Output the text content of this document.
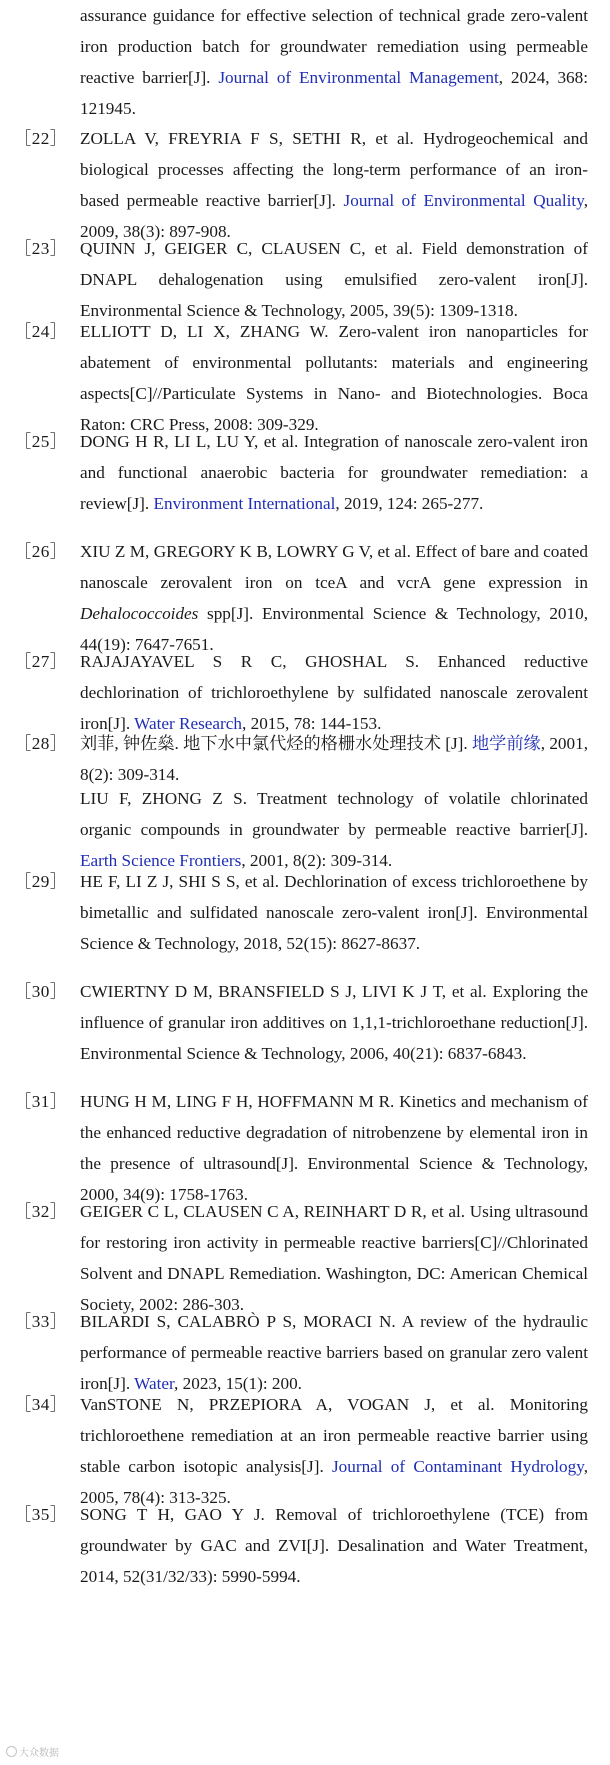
assurance guidance for effective selection of technical grade zero-valent iron production batch for groundwater remediation using permeable reactive barrier[J]. Journal of Environmental Management, 2024, 368: 121945.
［22］ ZOLLA V, FREYRIA F S, SETHI R, et al. Hydrogeochemical and biological processes affecting the long-term performance of an iron-based permeable reactive barrier[J]. Journal of Environmental Quality, 2009, 38(3): 897-908.
［23］ QUINN J, GEIGER C, CLAUSEN C, et al. Field demonstration of DNAPL dehalogenation using emulsified zero-valent iron[J]. Environmental Science & Technology, 2005, 39(5): 1309-1318.
［24］ ELLIOTT D, LI X, ZHANG W. Zero-valent iron nanoparticles for abatement of environmental pollutants: materials and engineering aspects[C]//Particulate Systems in Nano- and Biotechnologies. Boca Raton: CRC Press, 2008: 309-329.
［25］ DONG H R, LI L, LU Y, et al. Integration of nanoscale zero-valent iron and functional anaerobic bacteria for groundwater remediation: a review[J]. Environment International, 2019, 124: 265-277.
［26］ XIU Z M, GREGORY K B, LOWRY G V, et al. Effect of bare and coated nanoscale zerovalent iron on tceA and vcrA gene expression in Dehalococcoides spp[J]. Environmental Science & Technology, 2010, 44(19): 7647-7651.
［27］ RAJAJAYAVEL S R C, GHOSHAL S. Enhanced reductive dechlorination of trichloroethylene by sulfidated nanoscale zerovalent iron[J]. Water Research, 2015, 78: 144-153.
［28］ 刘菲, 钟佐燊. 地下水中氯代烃的格栅水处理技术 [J]. 地学前缘, 2001, 8(2): 309-314.
LIU F, ZHONG Z S. Treatment technology of volatile chlorinated organic compounds in groundwater by permeable reactive barrier[J]. Earth Science Frontiers, 2001, 8(2): 309-314.
［29］ HE F, LI Z J, SHI S S, et al. Dechlorination of excess trichloroethene by bimetallic and sulfidated nanoscale zero-valent iron[J]. Environmental Science & Technology, 2018, 52(15): 8627-8637.
［30］ CWIERTNY D M, BRANSFIELD S J, LIVI K J T, et al. Exploring the influence of granular iron additives on 1,1,1-trichloroethane reduction[J]. Environmental Science & Technology, 2006, 40(21): 6837-6843.
［31］ HUNG H M, LING F H, HOFFMANN M R. Kinetics and mechanism of the enhanced reductive degradation of nitrobenzene by elemental iron in the presence of ultrasound[J]. Environmental Science & Technology, 2000, 34(9): 1758-1763.
［32］ GEIGER C L, CLAUSEN C A, REINHART D R, et al. Using ultrasound for restoring iron activity in permeable reactive barriers[C]//Chlorinated Solvent and DNAPL Remediation. Washington, DC: American Chemical Society, 2002: 286-303.
［33］ BILARDI S, CALABRÒ P S, MORACI N. A review of the hydraulic performance of permeable reactive barriers based on granular zero valent iron[J]. Water, 2023, 15(1): 200.
［34］ VanSTONE N, PRZEPIORA A, VOGAN J, et al. Monitoring trichloroethene remediation at an iron permeable reactive barrier using stable carbon isotopic analysis[J]. Journal of Contaminant Hydrology, 2005, 78(4): 313-325.
［35］ SONG T H, GAO Y J. Removal of trichloroethylene (TCE) from groundwater by GAC and ZVI[J]. Desalination and Water Treatment, 2014, 52(31/32/33): 5990-5994.
大众数据
